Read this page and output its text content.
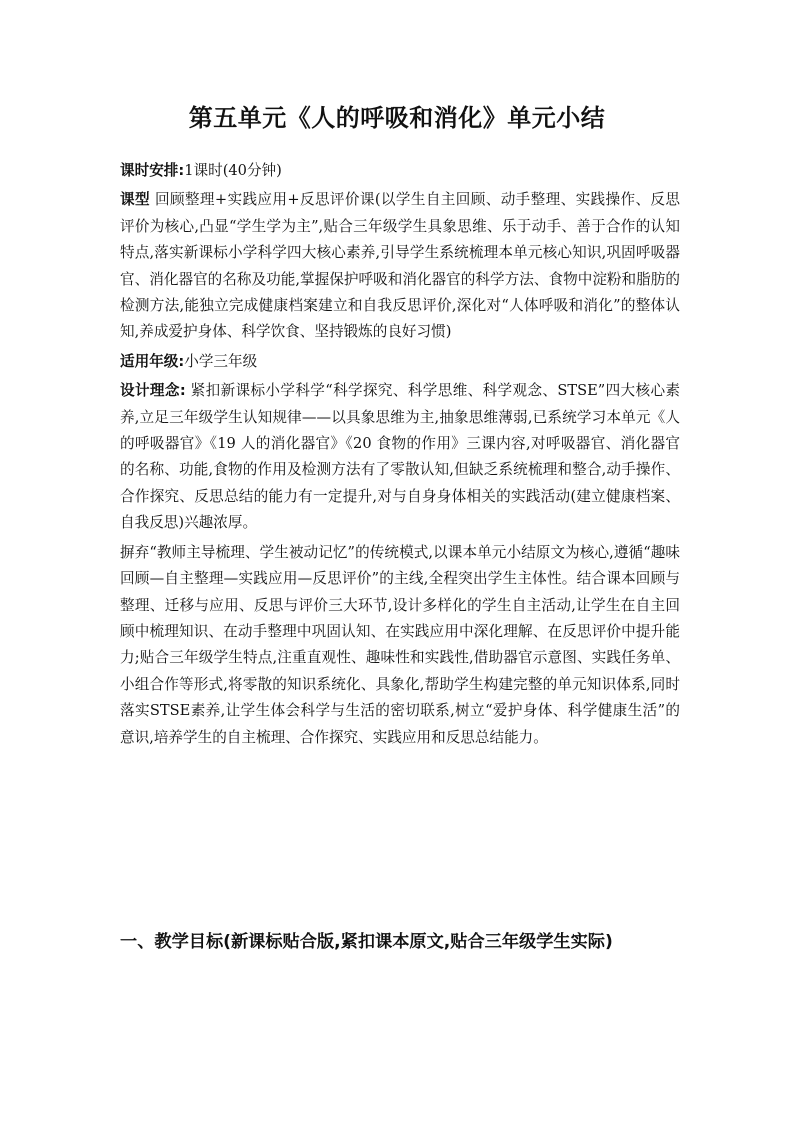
第五单元《人的呼吸和消化》单元小结

课时安排:1课时(40分钟)

课型 回顾整理+实践应用+反思评价课(以学生自主回顾、动手整理、实践操作、反思评价为核心,凸显“学生学为主”,贴合三年级学生具象思维、乐于动手、善于合作的认知特点,落实新课标小学科学四大核心素养,引导学生系统梳理本单元核心知识,巩固呼吸器官、消化器官的名称及功能,掌握保护呼吸和消化器官的科学方法、食物中淀粉和脂肪的检测方法,能独立完成健康档案建立和自我反思评价,深化对“人体呼吸和消化”的整体认知,养成爱护身体、科学饮食、坚持锻炼的良好习惯)

适用年级:小学三年级

设计理念: 紧扣新课标小学科学“科学探究、科学思维、科学观念、STSE”四大核心素养,立足三年级学生认知规律——以具象思维为主,抽象思维薄弱,已系统学习本单元《人的呼吸器官》《19 人的消化器官》《20 食物的作用》三课内容,对呼吸器官、消化器官的名称、功能,食物的作用及检测方法有了零散认知,但缺乏系统梳理和整合,动手操作、合作探究、反思总结的能力有一定提升,对与自身身体相关的实践活动(建立健康档案、自我反思)兴趣浓厚。

摒弃“教师主导梳理、学生被动记忆”的传统模式,以课本单元小结原文为核心,遵循“趣味回顾—自主整理—实践应用—反思评价”的主线,全程突出学生主体性。结合课本回顾与整理、迁移与应用、反思与评价三大环节,设计多样化的学生自主活动,让学生在自主回顾中梳理知识、在动手整理中巩固认知、在实践应用中深化理解、在反思评价中提升能力;贴合三年级学生特点,注重直观性、趣味性和实践性,借助器官示意图、实践任务单、小组合作等形式,将零散的知识系统化、具象化,帮助学生构建完整的单元知识体系,同时落实STSE素养,让学生体会科学与生活的密切联系,树立“爱护身体、科学健康生活”的意识,培养学生的自主梳理、合作探究、实践应用和反思总结能力。

一、教学目标(新课标贴合版,紧扣课本原文,贴合三年级学生实际)
